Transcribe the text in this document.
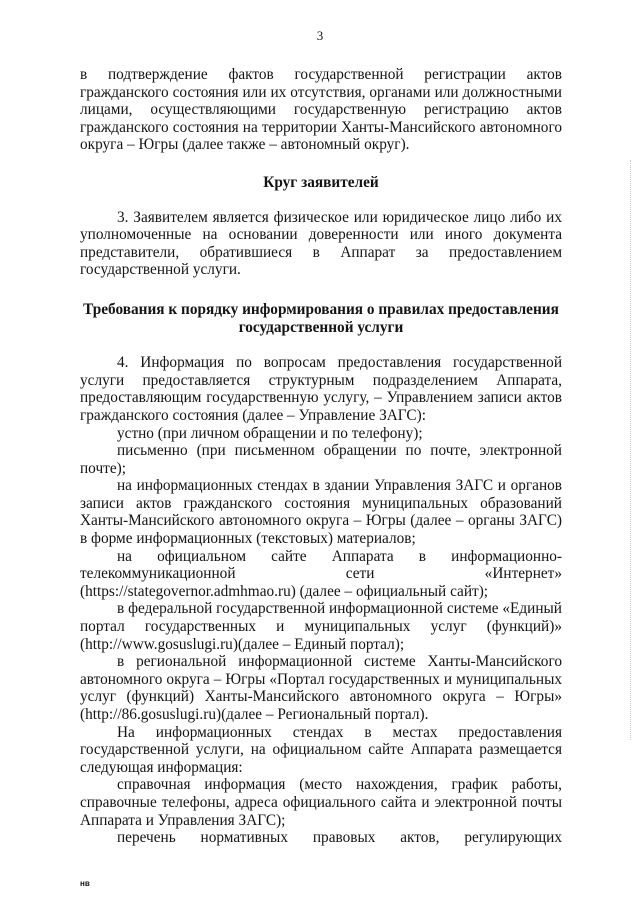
3

в подтверждение фактов государственной регистрации актов гражданского состояния или их отсутствия, органами или должностными лицами, осуществляющими государственную регистрацию актов гражданского состояния на территории Ханты-Мансийского автономного округа – Югры (далее также – автономный округ).

Круг заявителей

3. Заявителем является физическое или юридическое лицо либо их уполномоченные на основании доверенности или иного документа представители, обратившиеся в Аппарат за предоставлением государственной услуги.

Требования к порядку информирования о правилах предоставления государственной услуги

4. Информация по вопросам предоставления государственной услуги предоставляется структурным подразделением Аппарата, предоставляющим государственную услугу, – Управлением записи актов гражданского состояния (далее – Управление ЗАГС):

устно (при личном обращении и по телефону);

письменно (при письменном обращении по почте, электронной почте);

на информационных стендах в здании Управления ЗАГС и органов записи актов гражданского состояния муниципальных образований Ханты-Мансийского автономного округа – Югры (далее – органы ЗАГС) в форме информационных (текстовых) материалов;

на официальном сайте Аппарата в информационно-телекоммуникационной сети «Интернет» (https://stategovernor.admhmao.ru) (далее – официальный сайт);

в федеральной государственной информационной системе «Единый портал государственных и муниципальных услуг (функций)» (http://www.gosuslugi.ru)(далее – Единый портал);

в региональной информационной системе Ханты-Мансийского автономного округа – Югры «Портал государственных и муниципальных услуг (функций) Ханты-Мансийского автономного округа – Югры» (http://86.gosuslugi.ru)(далее – Региональный портал).

На информационных стендах в местах предоставления государственной услуги, на официальном сайте Аппарата размещается следующая информация:

справочная информация (место нахождения, график работы, справочные телефоны, адреса официального сайта и электронной почты Аппарата и Управления ЗАГС);

перечень нормативных правовых актов, регулирующих

нв
